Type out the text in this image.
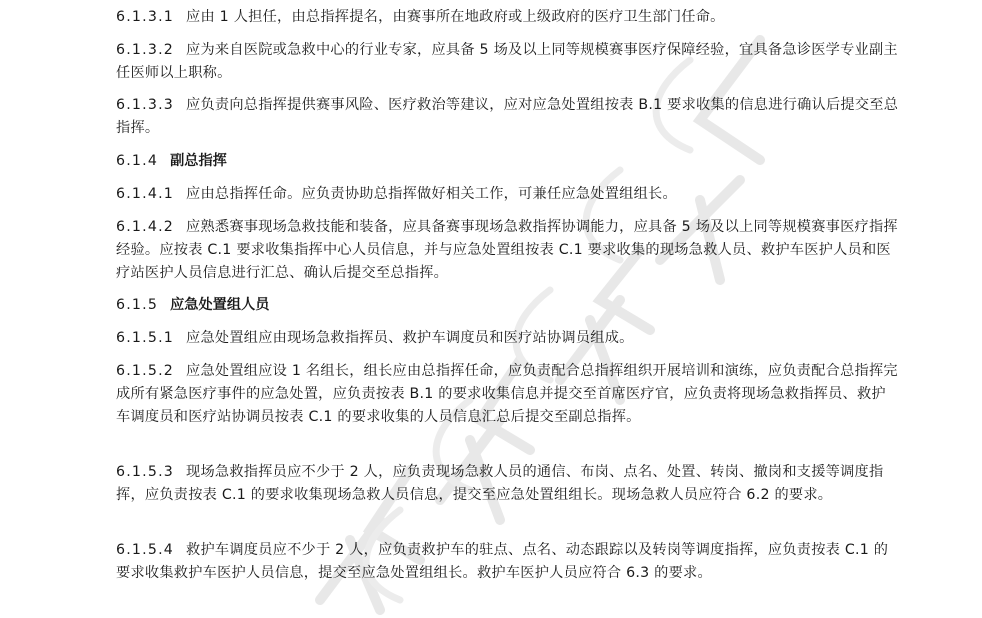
6.1.3.1 应由 1 人担任，由总指挥提名，由赛事所在地政府或上级政府的医疗卫生部门任命。
6.1.3.2 应为来自医院或急救中心的行业专家，应具备 5 场及以上同等规模赛事医疗保障经验，宜具备急诊医学专业副主任医师以上职称。
6.1.3.3 应负责向总指挥提供赛事风险、医疗救治等建议，应对应急处置组按表 B.1 要求收集的信息进行确认后提交至总指挥。
6.1.4 副总指挥
6.1.4.1 应由总指挥任命。应负责协助总指挥做好相关工作，可兼任应急处置组组长。
6.1.4.2 应熟悉赛事现场急救技能和装备，应具备赛事现场急救指挥协调能力，应具备 5 场及以上同等规模赛事医疗指挥经验。应按表 C.1 要求收集指挥中心人员信息，并与应急处置组按表 C.1 要求收集的现场急救人员、救护车医护人员和医疗站医护人员信息进行汇总、确认后提交至总指挥。
6.1.5 应急处置组人员
6.1.5.1 应急处置组应由现场急救指挥员、救护车调度员和医疗站协调员组成。
6.1.5.2 应急处置组应设 1 名组长，组长应由总指挥任命，应负责配合总指挥组织开展培训和演练，应负责配合总指挥完成所有紧急医疗事件的应急处置，应负责按表 B.1 的要求收集信息并提交至首席医疗官，应负责将现场急救指挥员、救护车调度员和医疗站协调员按表 C.1 的要求收集的人员信息汇总后提交至副总指挥。
6.1.5.3 现场急救指挥员应不少于 2 人，应负责现场急救人员的通信、布岗、点名、处置、转岗、撤岗和支援等调度指挥，应负责按表 C.1 的要求收集现场急救人员信息，提交至应急处置组组长。现场急救人员应符合 6.2 的要求。
6.1.5.4 救护车调度员应不少于 2 人，应负责救护车的驻点、点名、动态跟踪以及转岗等调度指挥，应负责按表 C.1 的要求收集救护车医护人员信息，提交至应急处置组组长。救护车医护人员应符合 6.3 的要求。
